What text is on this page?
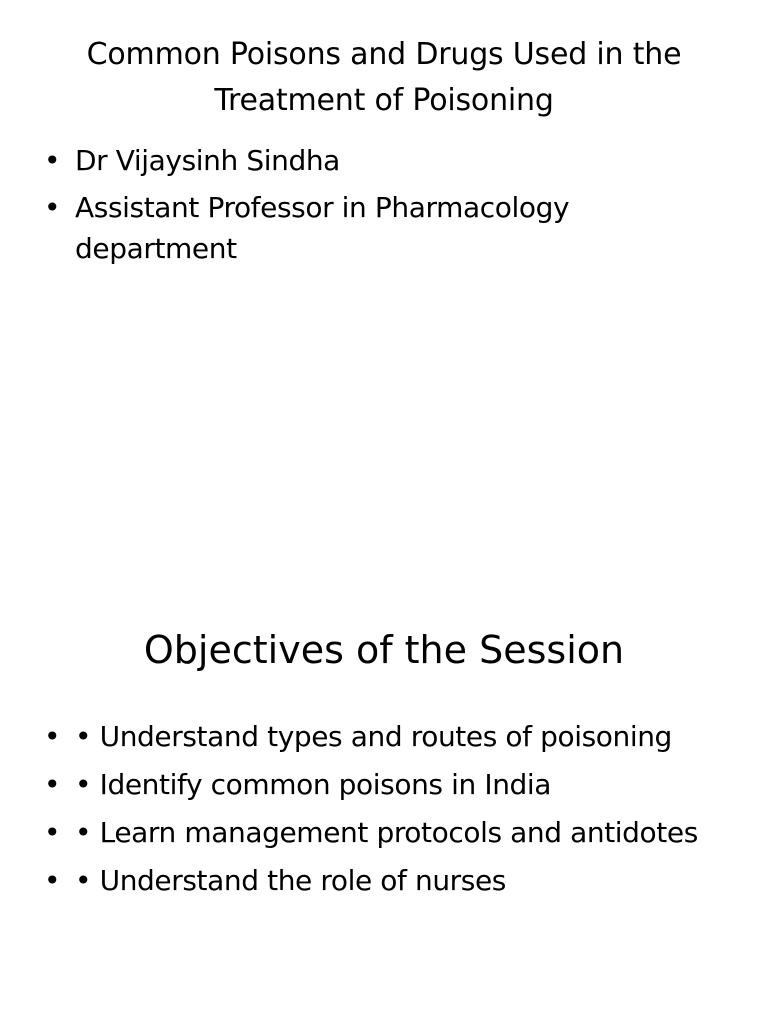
Common Poisons and Drugs Used in the Treatment of Poisoning
• Dr Vijaysinh Sindha
• Assistant Professor in Pharmacology department
Objectives of the Session
• • Understand types and routes of poisoning
• • Identify common poisons in India
• • Learn management protocols and antidotes
• • Understand the role of nurses
